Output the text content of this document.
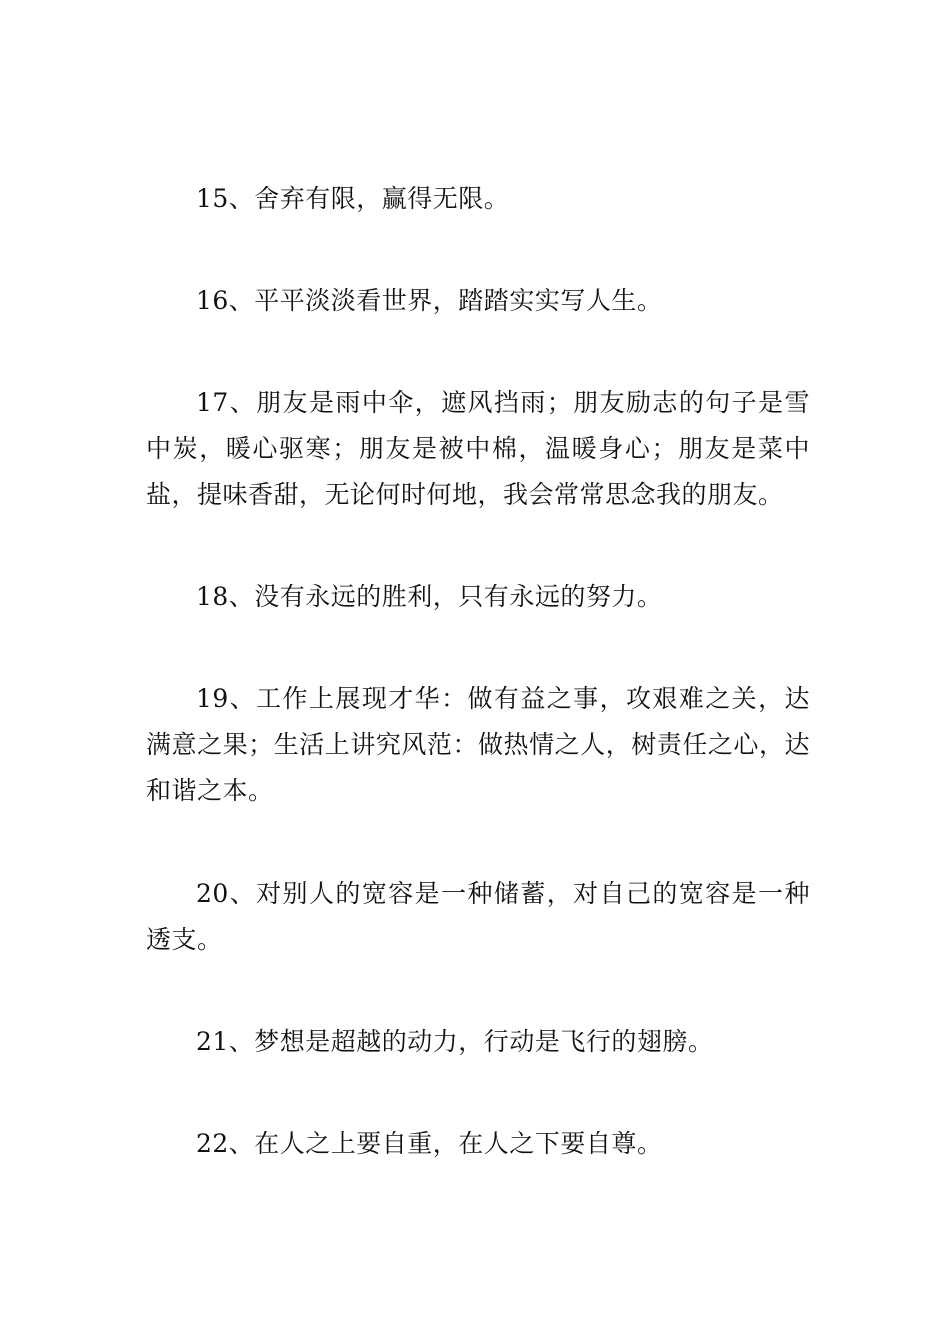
15、舍弃有限，赢得无限。

16、平平淡淡看世界，踏踏实实写人生。

17、朋友是雨中伞，遮风挡雨；朋友励志的句子是雪中炭，暖心驱寒；朋友是被中棉，温暖身心；朋友是菜中盐，提味香甜，无论何时何地，我会常常思念我的朋友。

18、没有永远的胜利，只有永远的努力。

19、工作上展现才华：做有益之事，攻艰难之关，达满意之果；生活上讲究风范：做热情之人，树责任之心，达和谐之本。

20、对别人的宽容是一种储蓄，对自己的宽容是一种透支。

21、梦想是超越的动力，行动是飞行的翅膀。

22、在人之上要自重，在人之下要自尊。
